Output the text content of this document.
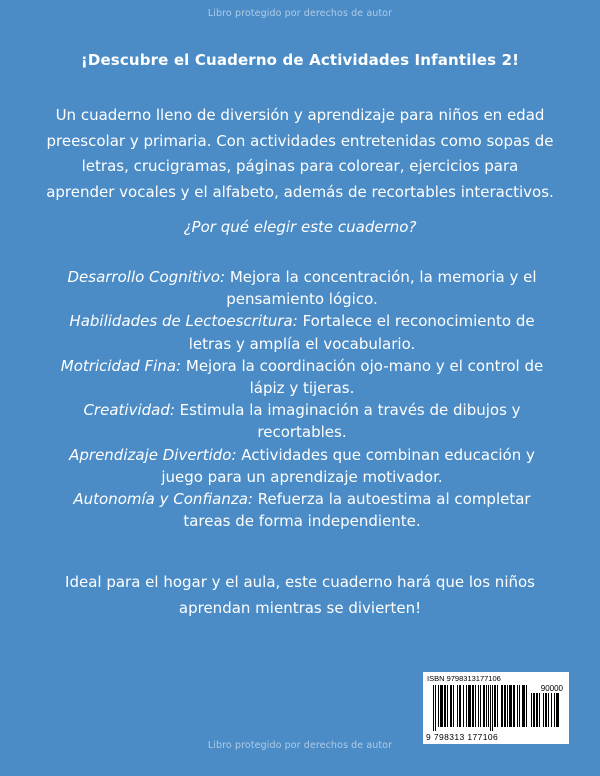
Libro protegido por derechos de autor
¡Descubre el Cuaderno de Actividades Infantiles 2!
Un cuaderno lleno de diversión y aprendizaje para niños en edad preescolar y primaria. Con actividades entretenidas como sopas de letras, crucigramas, páginas para colorear, ejercicios para aprender vocales y el alfabeto, además de recortables interactivos.
¿Por qué elegir este cuaderno?

Desarrollo Cognitivo: Mejora la concentración, la memoria y el pensamiento lógico.

Habilidades de Lectoescritura: Fortalece el reconocimiento de letras y amplía el vocabulario.

Motricidad Fina: Mejora la coordinación ojo-mano y el control de lápiz y tijeras.

Creatividad: Estimula la imaginación a través de dibujos y recortables.

Aprendizaje Divertido: Actividades que combinan educación y juego para un aprendizaje motivador.

Autonomía y Confianza: Refuerza la autoestima al completar tareas de forma independiente.

Ideal para el hogar y el aula, este cuaderno hará que los niños aprendan mientras se divierten!
ISBN 9798313177106
90000
9 798313 177106
Libro protegido por derechos de autor
